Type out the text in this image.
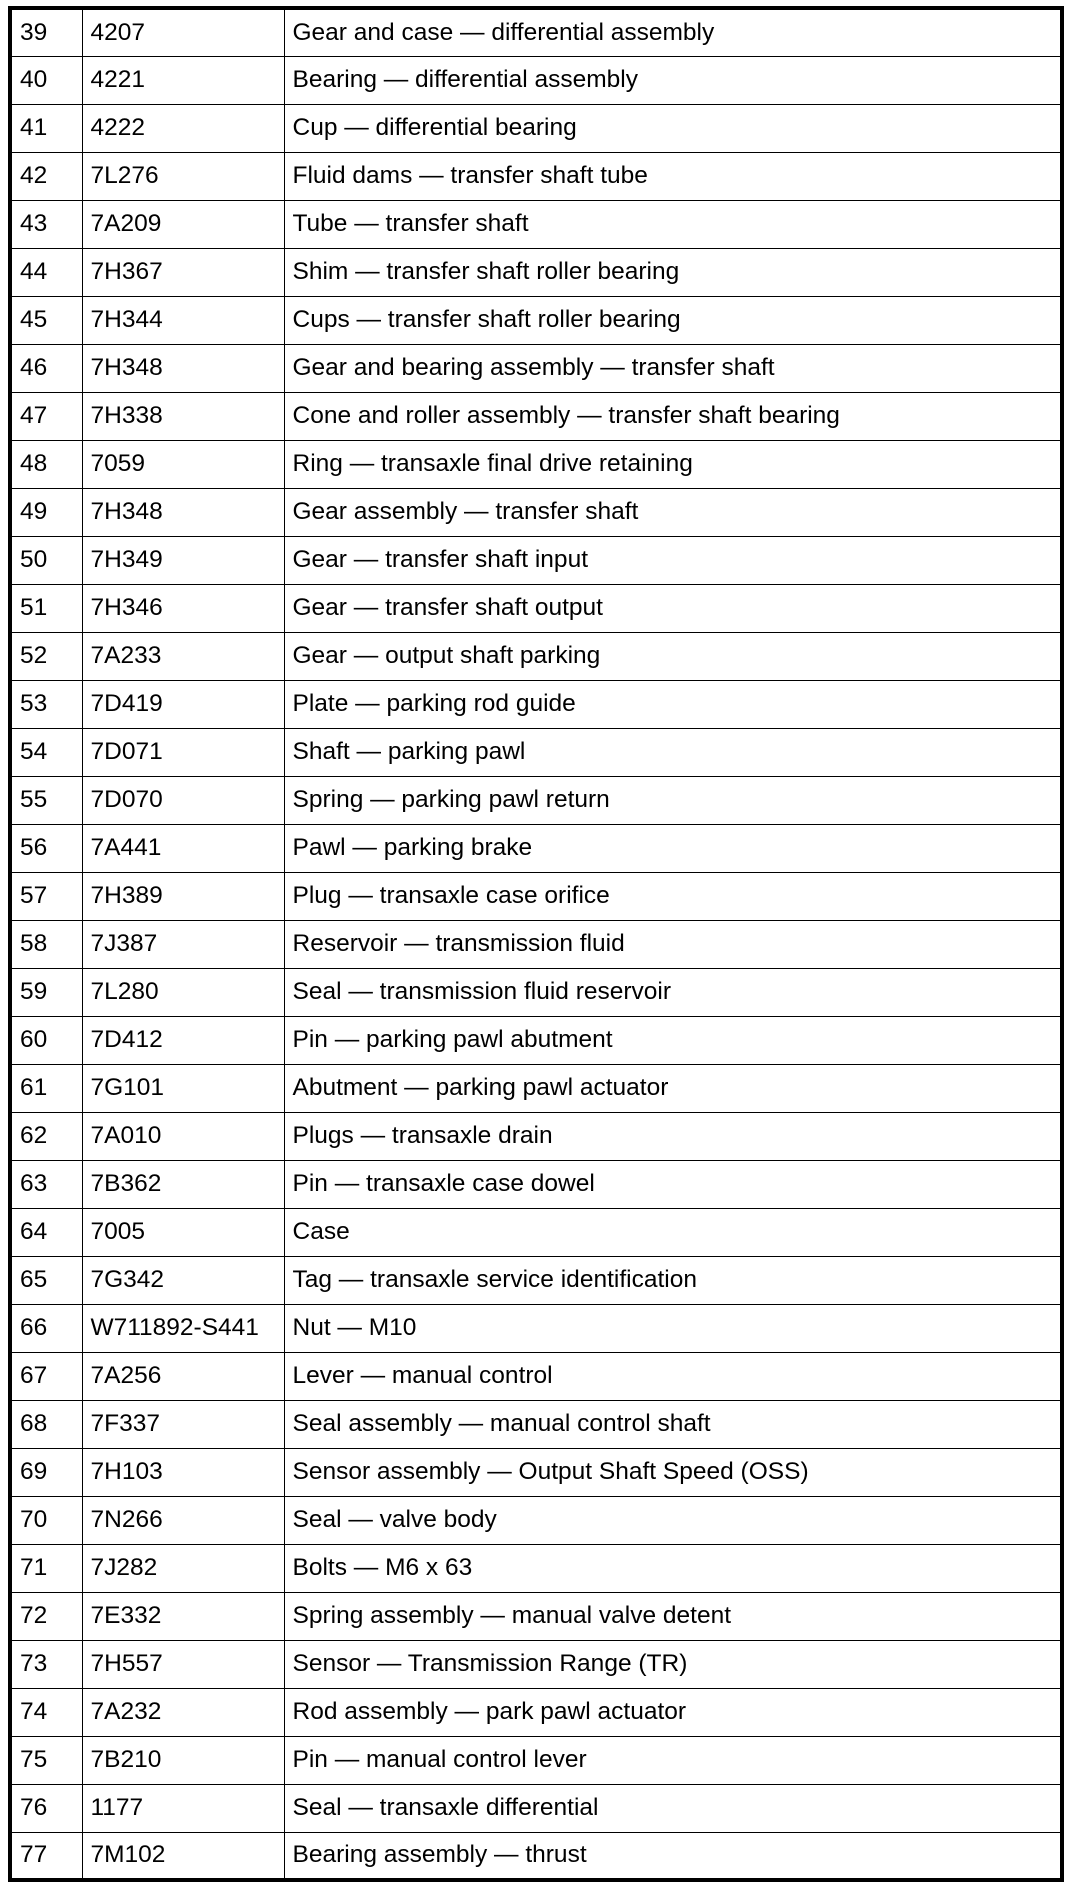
39	4207	Gear and case — differential assembly
40	4221	Bearing — differential assembly
41	4222	Cup — differential bearing
42	7L276	Fluid dams — transfer shaft tube
43	7A209	Tube — transfer shaft
44	7H367	Shim — transfer shaft roller bearing
45	7H344	Cups — transfer shaft roller bearing
46	7H348	Gear and bearing assembly — transfer shaft
47	7H338	Cone and roller assembly — transfer shaft bearing
48	7059	Ring — transaxle final drive retaining
49	7H348	Gear assembly — transfer shaft
50	7H349	Gear — transfer shaft input
51	7H346	Gear — transfer shaft output
52	7A233	Gear — output shaft parking
53	7D419	Plate — parking rod guide
54	7D071	Shaft — parking pawl
55	7D070	Spring — parking pawl return
56	7A441	Pawl — parking brake
57	7H389	Plug — transaxle case orifice
58	7J387	Reservoir — transmission fluid
59	7L280	Seal — transmission fluid reservoir
60	7D412	Pin — parking pawl abutment
61	7G101	Abutment — parking pawl actuator
62	7A010	Plugs — transaxle drain
63	7B362	Pin — transaxle case dowel
64	7005	Case
65	7G342	Tag — transaxle service identification
66	W711892-S441	Nut — M10
67	7A256	Lever — manual control
68	7F337	Seal assembly — manual control shaft
69	7H103	Sensor assembly — Output Shaft Speed (OSS)
70	7N266	Seal — valve body
71	7J282	Bolts — M6 x 63
72	7E332	Spring assembly — manual valve detent
73	7H557	Sensor — Transmission Range (TR)
74	7A232	Rod assembly — park pawl actuator
75	7B210	Pin — manual control lever
76	1177	Seal — transaxle differential
77	7M102	Bearing assembly — thrust
